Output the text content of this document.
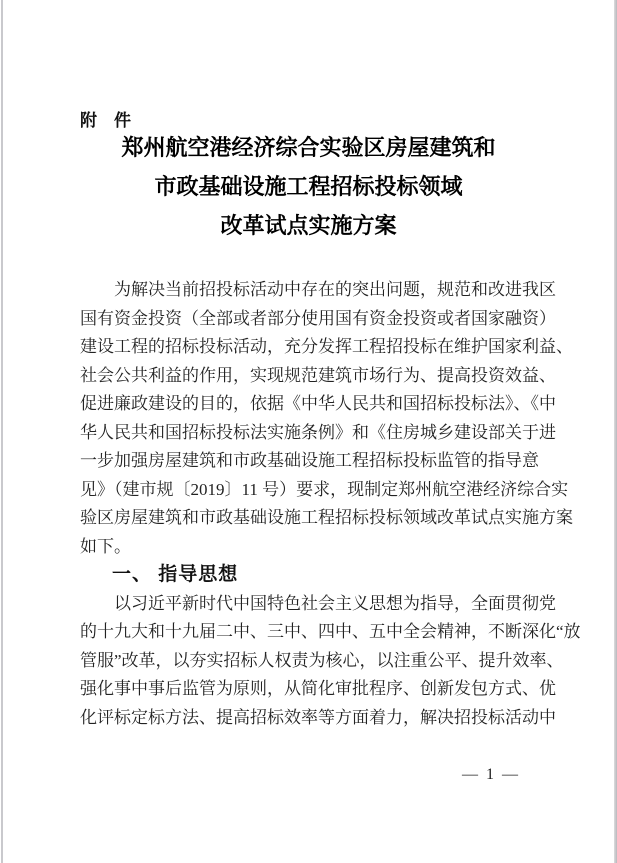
附　件
郑州航空港经济综合实验区房屋建筑和
市政基础设施工程招标投标领域
改革试点实施方案
为解决当前招投标活动中存在的突出问题，规范和改进我区
国有资金投资（全部或者部分使用国有资金投资或者国家融资）
建设工程的招标投标活动，充分发挥工程招投标在维护国家利益、
社会公共利益的作用，实现规范建筑市场行为、提高投资效益、
促进廉政建设的目的，依据《中华人民共和国招标投标法》、《中
华人民共和国招标投标法实施条例》和《住房城乡建设部关于进
一步加强房屋建筑和市政基础设施工程招标投标监管的指导意
见》（建市规〔2019〕11 号）要求，现制定郑州航空港经济综合实
验区房屋建筑和市政基础设施工程招标投标领域改革试点实施方案
如下。
一、 指导思想
以习近平新时代中国特色社会主义思想为指导，全面贯彻党
的十九大和十九届二中、三中、四中、五中全会精神，不断深化“放
管服”改革，以夯实招标人权责为核心，以注重公平、提升效率、
强化事中事后监管为原则，从简化审批程序、创新发包方式、优
化评标定标方法、提高招标效率等方面着力，解决招投标活动中
— 1 —
